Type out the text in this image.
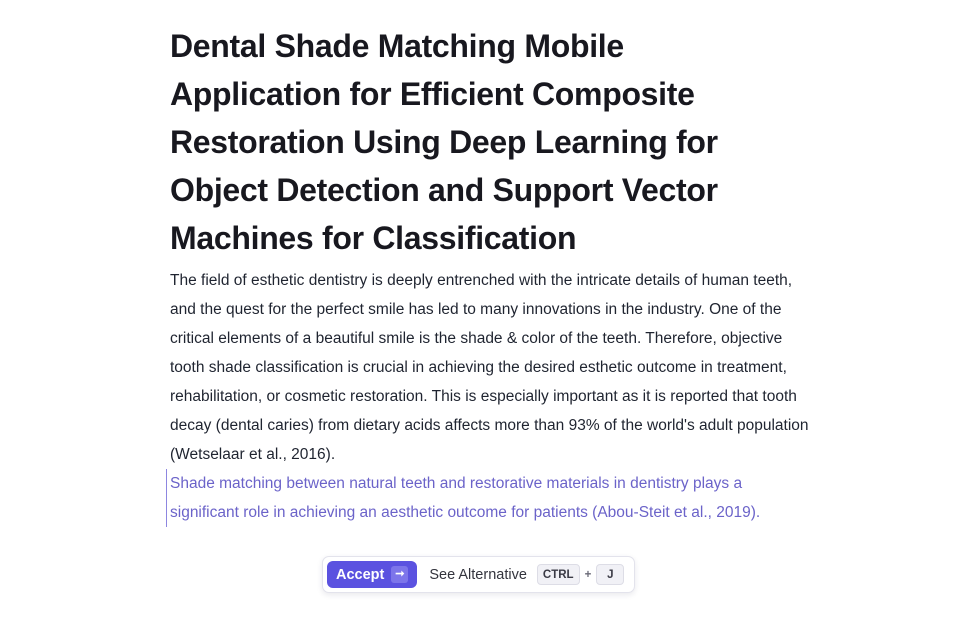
Dental Shade Matching Mobile Application for Efficient Composite Restoration Using Deep Learning for Object Detection and Support Vector Machines for Classification
The field of esthetic dentistry is deeply entrenched with the intricate details of human teeth, and the quest for the perfect smile has led to many innovations in the industry. One of the critical elements of a beautiful smile is the shade & color of the teeth. Therefore, objective tooth shade classification is crucial in achieving the desired esthetic outcome in treatment, rehabilitation, or cosmetic restoration. This is especially important as it is reported that tooth decay (dental caries) from dietary acids affects more than 93% of the world's adult population (Wetselaar et al., 2016).
Shade matching between natural teeth and restorative materials in dentistry plays a significant role in achieving an aesthetic outcome for patients (Abou-Steit et al., 2019).
Accept ➞ See Alternative	CTRL +	J
